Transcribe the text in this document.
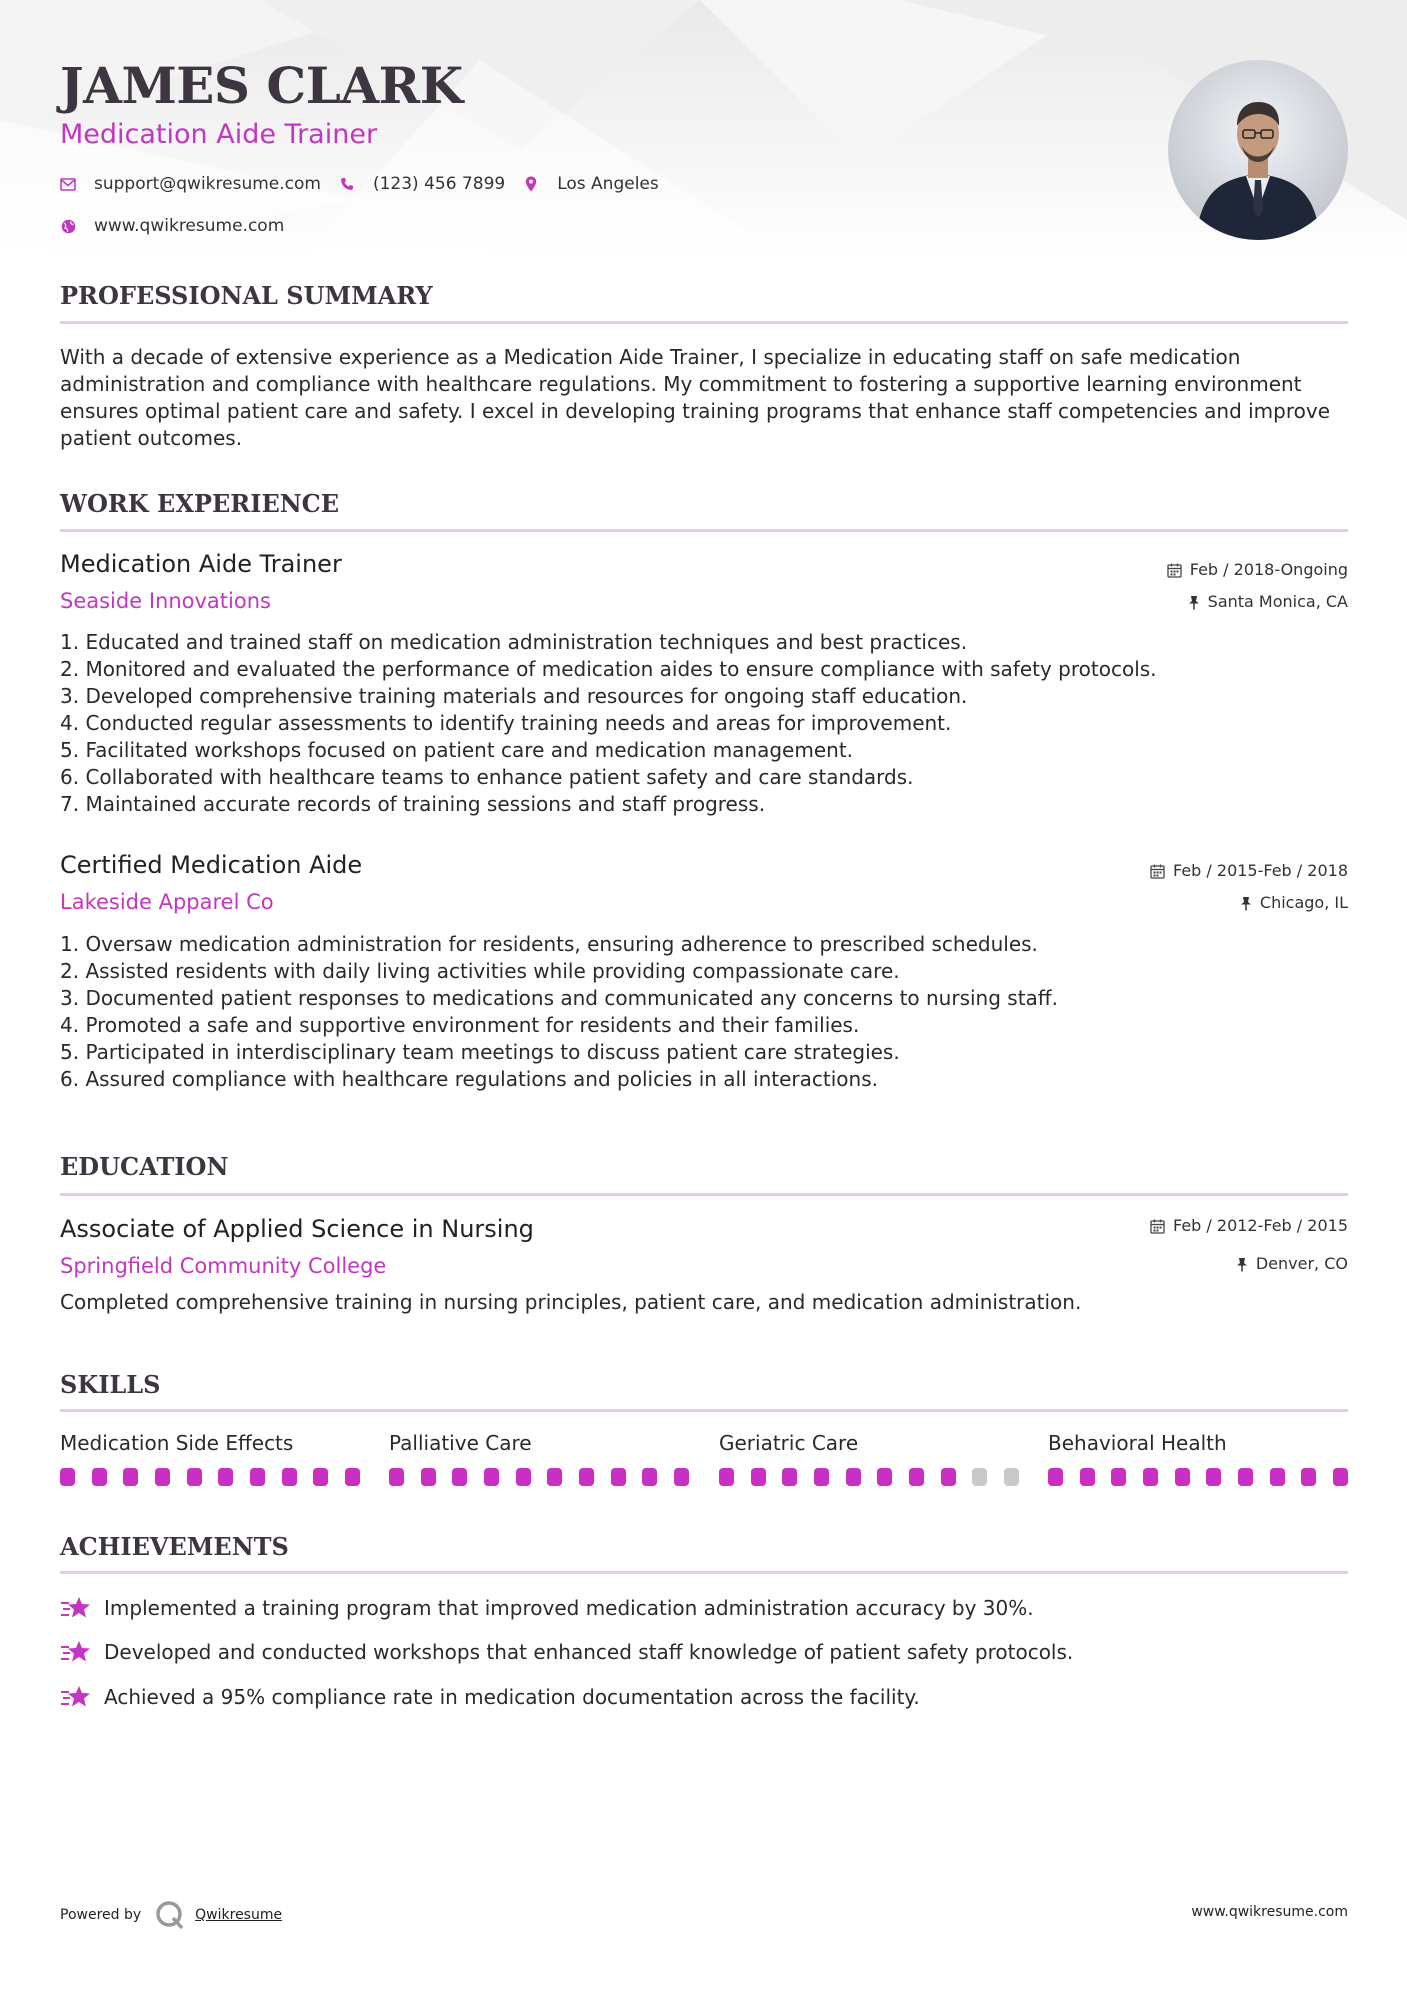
JAMES CLARK
Medication Aide Trainer
support@qwikresume.com	(123) 456 7899	Los Angeles
www.qwikresume.com
PROFESSIONAL SUMMARY
With a decade of extensive experience as a Medication Aide Trainer, I specialize in educating staff on safe medication administration and compliance with healthcare regulations. My commitment to fostering a supportive learning environment ensures optimal patient care and safety. I excel in developing training programs that enhance staff competencies and improve patient outcomes.
WORK EXPERIENCE
Medication Aide Trainer	Feb / 2018-Ongoing
Seaside Innovations	Santa Monica, CA
1. Educated and trained staff on medication administration techniques and best practices.
2. Monitored and evaluated the performance of medication aides to ensure compliance with safety protocols.
3. Developed comprehensive training materials and resources for ongoing staff education.
4. Conducted regular assessments to identify training needs and areas for improvement.
5. Facilitated workshops focused on patient care and medication management.
6. Collaborated with healthcare teams to enhance patient safety and care standards.
7. Maintained accurate records of training sessions and staff progress.
Certified Medication Aide	Feb / 2015-Feb / 2018
Lakeside Apparel Co	Chicago, IL
1. Oversaw medication administration for residents, ensuring adherence to prescribed schedules.
2. Assisted residents with daily living activities while providing compassionate care.
3. Documented patient responses to medications and communicated any concerns to nursing staff.
4. Promoted a safe and supportive environment for residents and their families.
5. Participated in interdisciplinary team meetings to discuss patient care strategies.
6. Assured compliance with healthcare regulations and policies in all interactions.
EDUCATION
Associate of Applied Science in Nursing	Feb / 2012-Feb / 2015
Springfield Community College	Denver, CO
Completed comprehensive training in nursing principles, patient care, and medication administration.
SKILLS
Medication Side Effects	Palliative Care	Geriatric Care	Behavioral Health
ACHIEVEMENTS
Implemented a training program that improved medication administration accuracy by 30%.
Developed and conducted workshops that enhanced staff knowledge of patient safety protocols.
Achieved a 95% compliance rate in medication documentation across the facility.
Powered by	Qwikresume	www.qwikresume.com
